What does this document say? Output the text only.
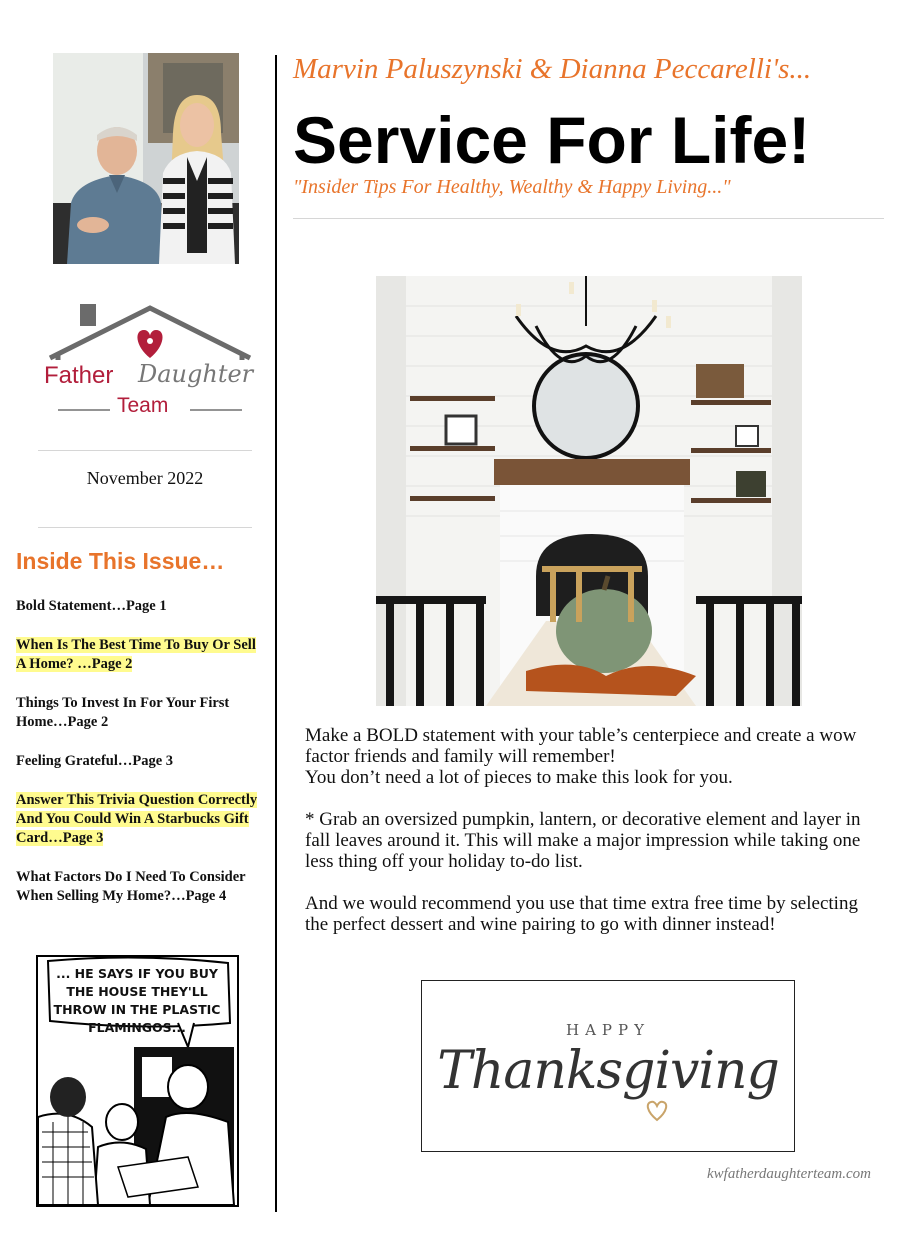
Father Daughter
Team
November 2022
Inside This Issue…
Bold Statement…Page 1
When Is The Best Time To Buy Or Sell A Home? …Page 2
Things To Invest In For Your First Home…Page 2
Feeling Grateful…Page 3
Answer This Trivia Question Correctly And You Could Win A Starbucks Gift Card…Page 3
What Factors Do I Need To Consider When Selling My Home?…Page 4
... HE SAYS IF YOU BUY THE HOUSE THEY'LL THROW IN THE PLASTIC FLAMINGOS...
Marvin Paluszynski & Dianna Peccarelli's...
Service For Life!
"Insider Tips For Healthy, Wealthy & Happy Living..."
Make a BOLD statement with your table’s centerpiece and create a wow factor friends and family will remember!
You don’t need a lot of pieces to make this look for you.
* Grab an oversized pumpkin, lantern, or decorative element and layer in fall leaves around it. This will make a major impression while taking one less thing off your holiday to-do list.
And we would recommend you use that time extra free time by selecting the perfect dessert and wine pairing to go with dinner instead!
HAPPY
Thanksgiving
kwfatherdaughterteam.com
